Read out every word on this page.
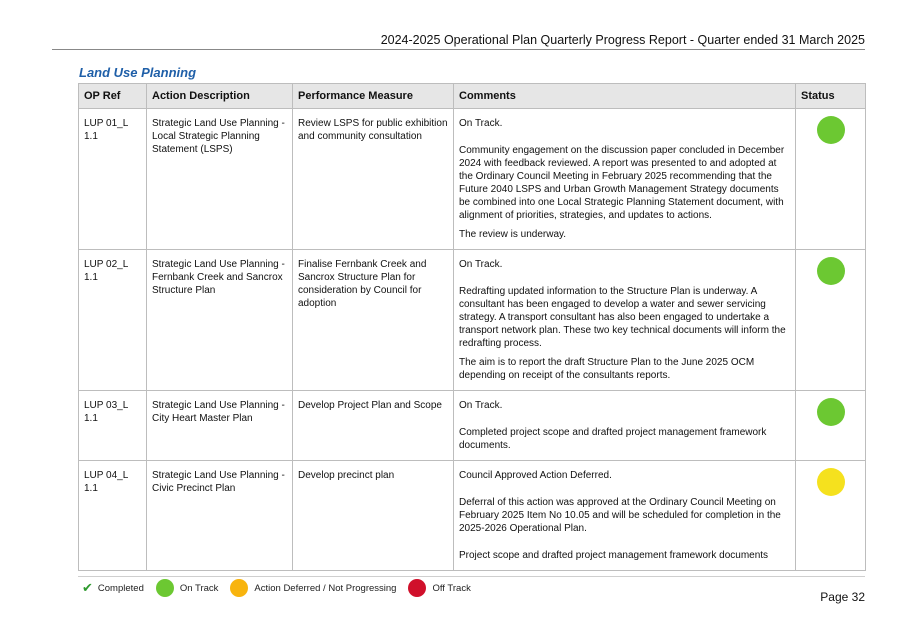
2024-2025 Operational Plan Quarterly Progress Report - Quarter ended 31 March 2025
Land Use Planning
OP Ref	Action Description	Performance Measure	Comments	Status
LUP 01_L 1.1	Strategic Land Use Planning - Local Strategic Planning Statement (LSPS)	Review LSPS for public exhibition and community consultation	On Track.

Community engagement on the discussion paper concluded in December 2024 with feedback reviewed. A report was presented to and adopted at the Ordinary Council Meeting in February 2025 recommending that the Future 2040 LSPS and Urban Growth Management Strategy documents be combined into one Local Strategic Planning Statement document, with alignment of priorities, strategies, and updates to actions.

The review is underway.	

LUP 02_L 1.1	Strategic Land Use Planning - Fernbank Creek and Sancrox Structure Plan	Finalise Fernbank Creek and Sancrox Structure Plan for consideration by Council for adoption	On Track.

Redrafting updated information to the Structure Plan is underway. A consultant has been engaged to develop a water and sewer servicing strategy. A transport consultant has also been engaged to undertake a transport network plan. These two key technical documents will inform the redrafting process.

The aim is to report the draft Structure Plan to the June 2025 OCM depending on receipt of the consultants reports.	

LUP 03_L 1.1	Strategic Land Use Planning - City Heart Master Plan	Develop Project Plan and Scope	On Track.

Completed project scope and drafted project management framework documents.	

LUP 04_L 1.1	Strategic Land Use Planning - Civic Precinct Plan	Develop precinct plan	Council Approved Action Deferred.

Deferral of this action was approved at the Ordinary Council Meeting on February 2025 Item No 10.05 and will be scheduled for completion in the 2025-2026 Operational Plan.

Project scope and drafted project management framework documents	

✔ Completed	On Track	Action Deferred / Not Progressing	Off Track
Page 32
